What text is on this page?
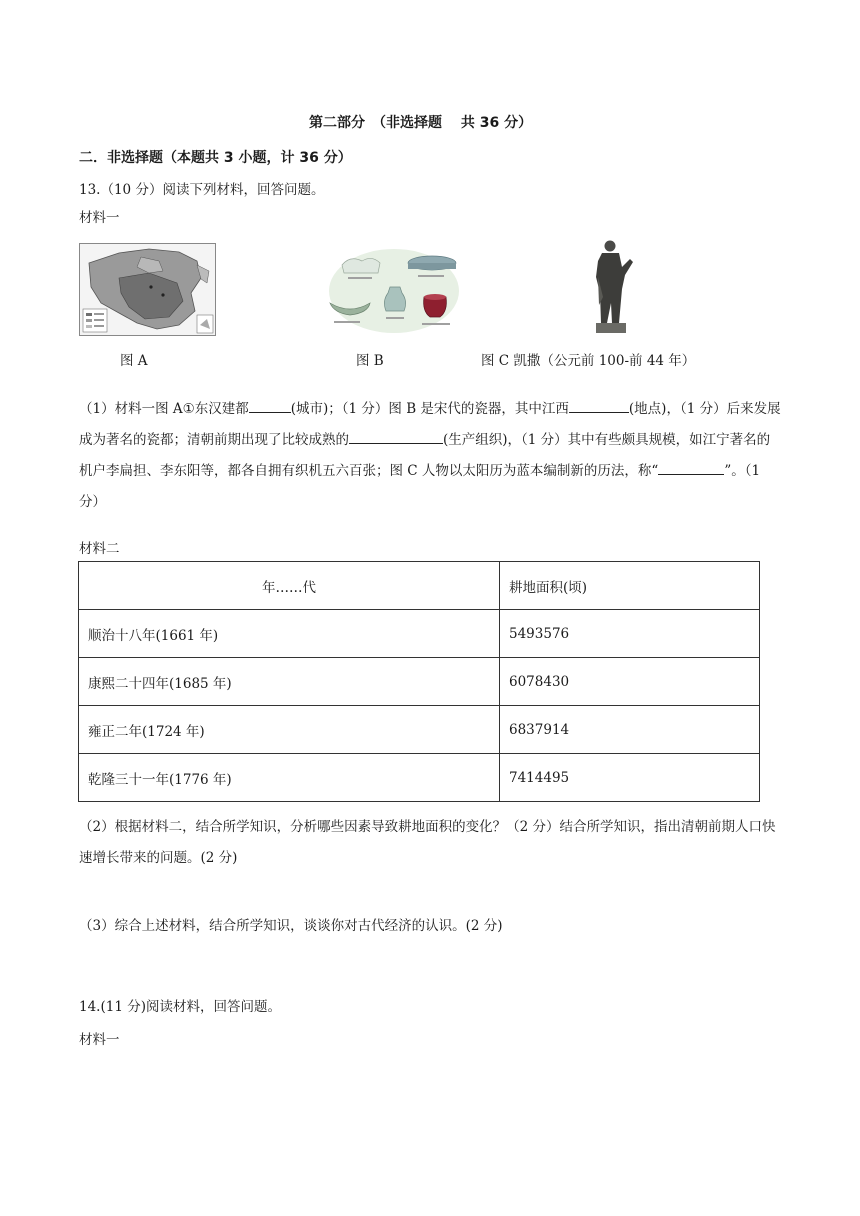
第二部分　（非选择题　 共 36 分）
二．非选择题（本题共 3 小题，计 36 分）
13.（10 分）阅读下列材料，回答问题。
材料一
图 A	图 B	图 C 凯撒（公元前 100-前 44 年）
（1）材料一图 A①东汉建都	(城市)；（1 分）图 B 是宋代的瓷器，其中江西	(地点)，（1 分）后来发展成为著名的瓷都；清朝前期出现了比较成熟的	(生产组织)，（1 分）其中有些颇具规模，如江宁著名的机户李扁担、李东阳等，都各自拥有织机五六百张；图 C 人物以太阳历为蓝本编制新的历法，称“	”。（1 分）
材料二
年……代	耕地面积(顷)
顺治十八年(1661 年)	5493576
康熙二十四年(1685 年)	6078430
雍正二年(1724 年)	6837914
乾隆三十一年(1776 年)	7414495
（2）根据材料二，结合所学知识，分析哪些因素导致耕地面积的变化？（2 分）结合所学知识，指出清朝前期人口快速增长带来的问题。(2 分)
（3）综合上述材料，结合所学知识，谈谈你对古代经济的认识。(2 分)
14.(11 分)阅读材料，回答问题。
材料一
